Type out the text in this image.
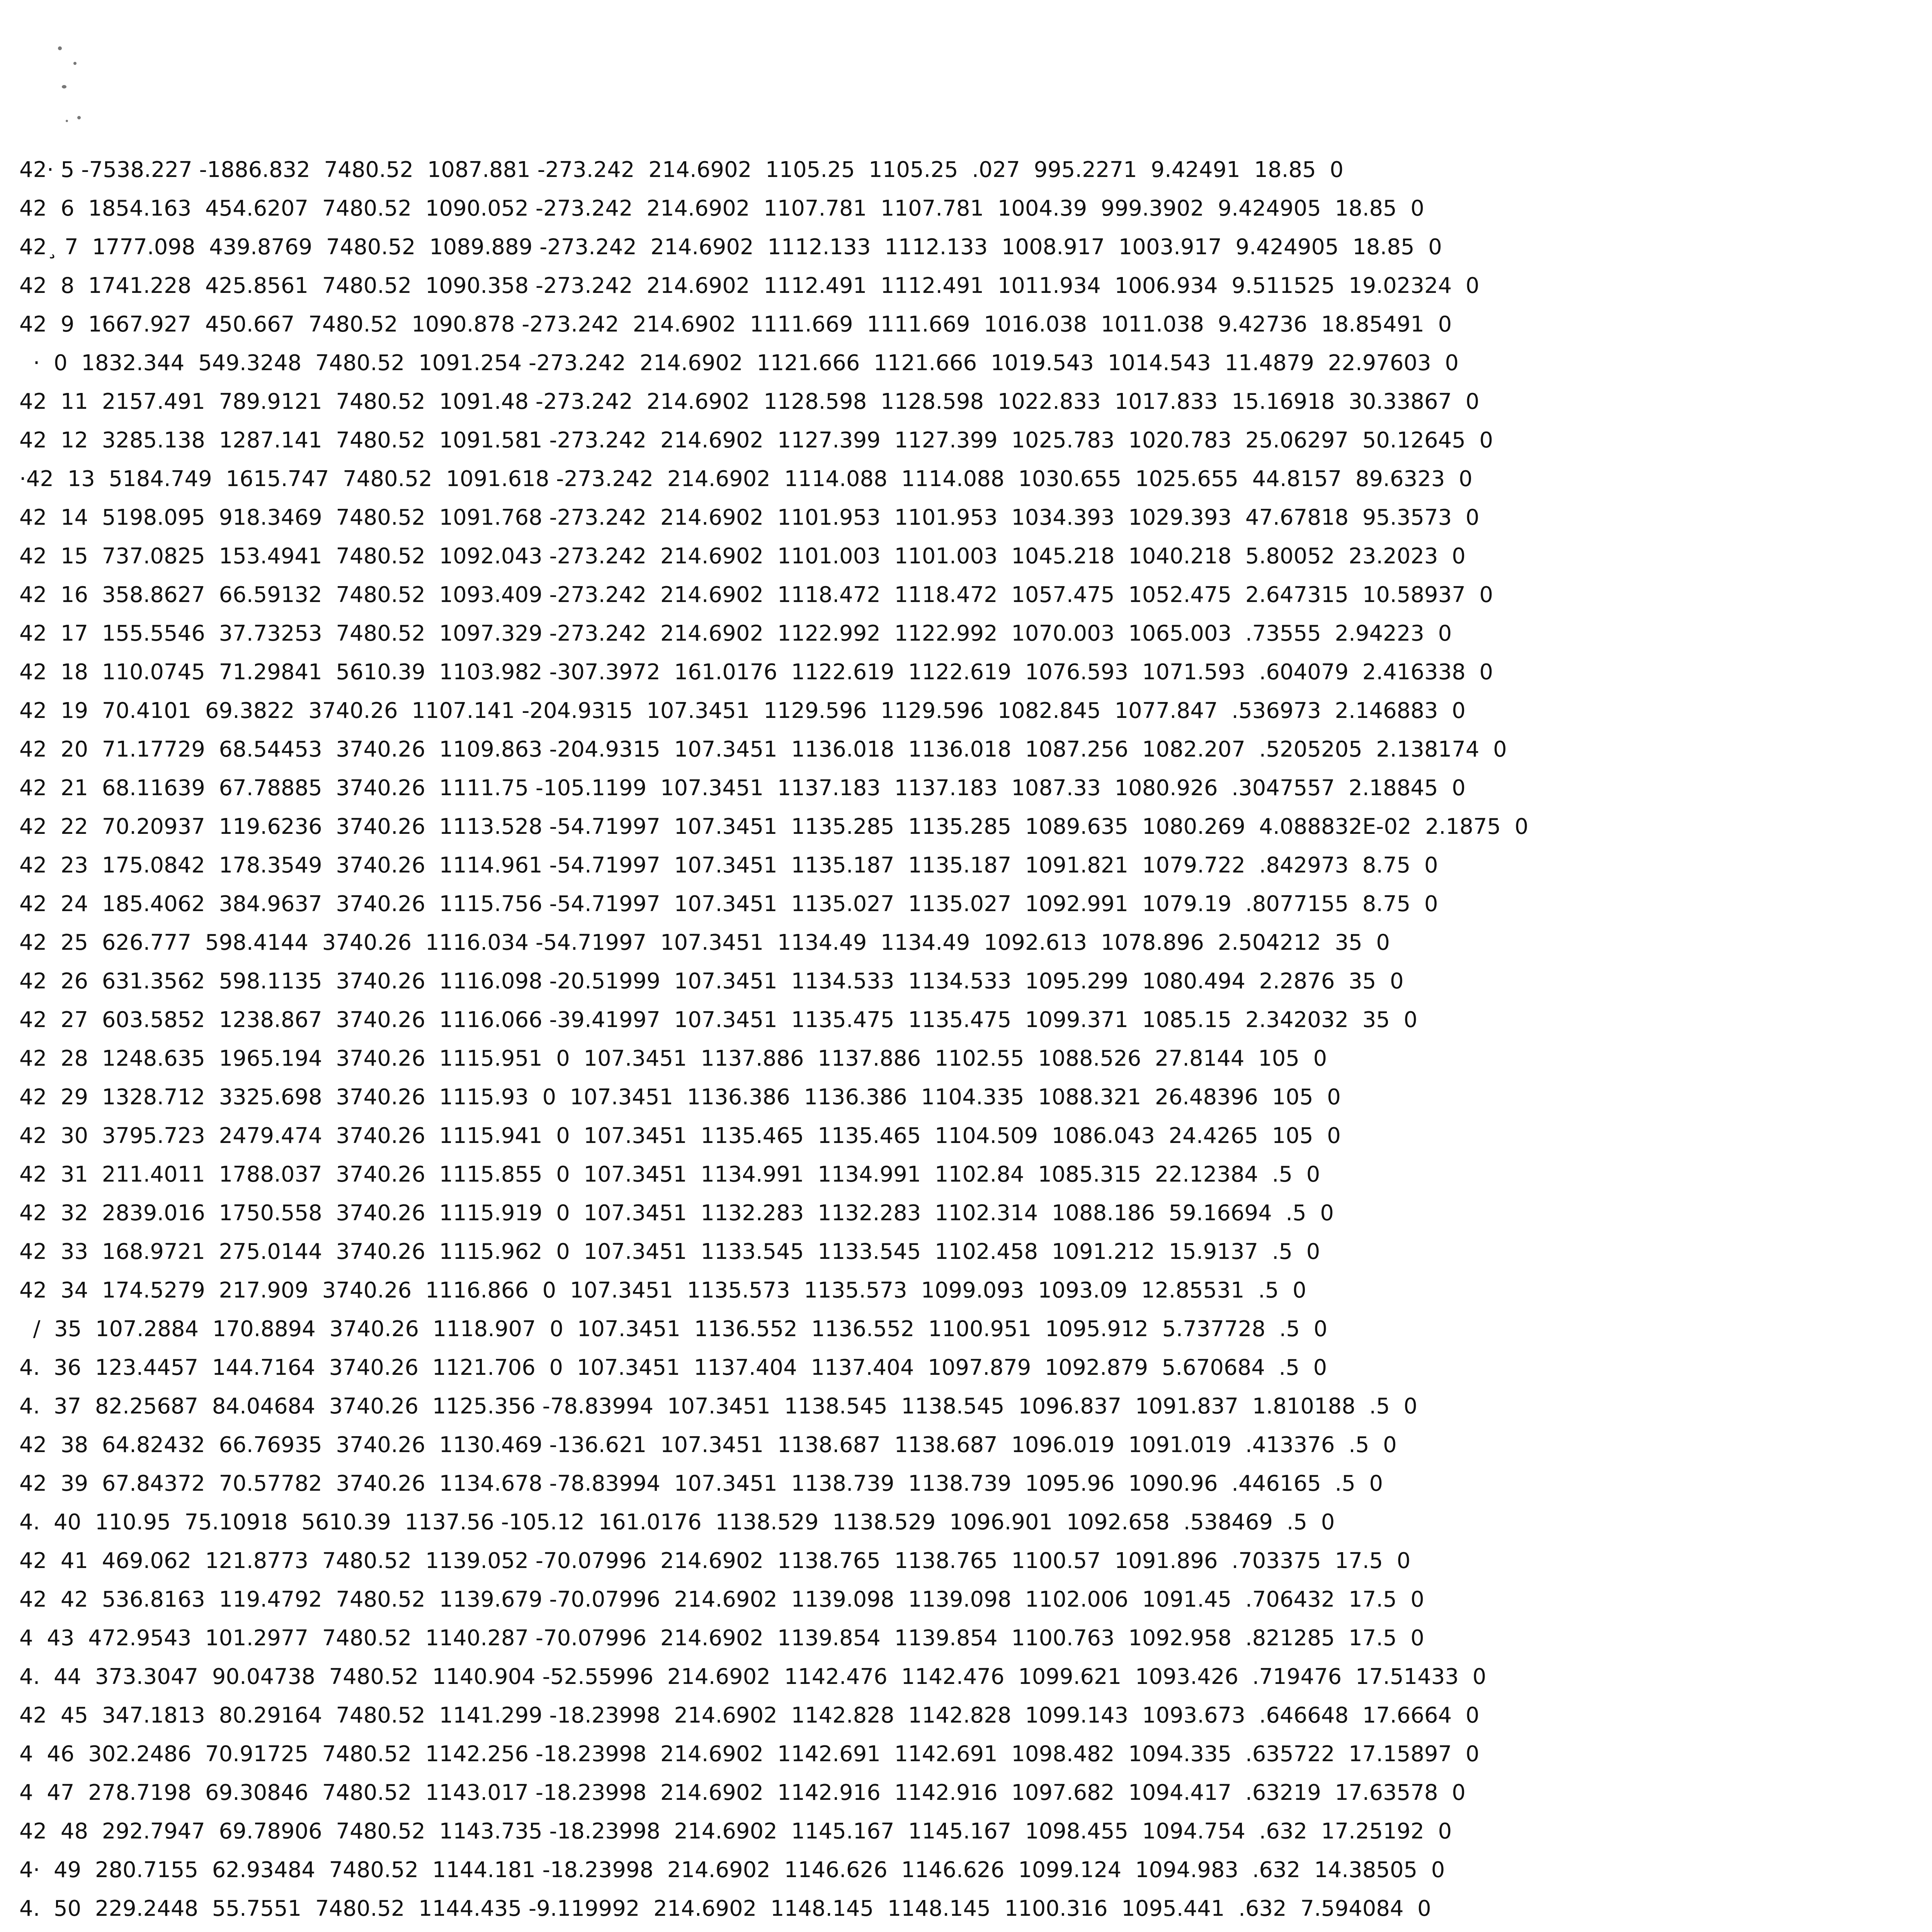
42· 5 -7538.227 -1886.832  7480.52  1087.881 -273.242  214.6902  1105.25  1105.25  .027  995.2271  9.42491  18.85  0
42  6  1854.163  454.6207  7480.52  1090.052 -273.242  214.6902  1107.781  1107.781  1004.39  999.3902  9.424905  18.85  0
42¸ 7  1777.098  439.8769  7480.52  1089.889 -273.242  214.6902  1112.133  1112.133  1008.917  1003.917  9.424905  18.85  0
42  8  1741.228  425.8561  7480.52  1090.358 -273.242  214.6902  1112.491  1112.491  1011.934  1006.934  9.511525  19.02324  0
42  9  1667.927  450.667  7480.52  1090.878 -273.242  214.6902  1111.669  1111.669  1016.038  1011.038  9.42736  18.85491  0
·  0  1832.344  549.3248  7480.52  1091.254 -273.242  214.6902  1121.666  1121.666  1019.543  1014.543  11.4879  22.97603  0
42  11  2157.491  789.9121  7480.52  1091.48 -273.242  214.6902  1128.598  1128.598  1022.833  1017.833  15.16918  30.33867  0
42  12  3285.138  1287.141  7480.52  1091.581 -273.242  214.6902  1127.399  1127.399  1025.783  1020.783  25.06297  50.12645  0
·42  13  5184.749  1615.747  7480.52  1091.618 -273.242  214.6902  1114.088  1114.088  1030.655  1025.655  44.8157  89.6323  0
42  14  5198.095  918.3469  7480.52  1091.768 -273.242  214.6902  1101.953  1101.953  1034.393  1029.393  47.67818  95.3573  0
42  15  737.0825  153.4941  7480.52  1092.043 -273.242  214.6902  1101.003  1101.003  1045.218  1040.218  5.80052  23.2023  0
42  16  358.8627  66.59132  7480.52  1093.409 -273.242  214.6902  1118.472  1118.472  1057.475  1052.475  2.647315  10.58937  0
42  17  155.5546  37.73253  7480.52  1097.329 -273.242  214.6902  1122.992  1122.992  1070.003  1065.003  .73555  2.94223  0
42  18  110.0745  71.29841  5610.39  1103.982 -307.3972  161.0176  1122.619  1122.619  1076.593  1071.593  .604079  2.416338  0
42  19  70.4101  69.3822  3740.26  1107.141 -204.9315  107.3451  1129.596  1129.596  1082.845  1077.847  .536973  2.146883  0
42  20  71.17729  68.54453  3740.26  1109.863 -204.9315  107.3451  1136.018  1136.018  1087.256  1082.207  .5205205  2.138174  0
42  21  68.11639  67.78885  3740.26  1111.75 -105.1199  107.3451  1137.183  1137.183  1087.33  1080.926  .3047557  2.18845  0
42  22  70.20937  119.6236  3740.26  1113.528 -54.71997  107.3451  1135.285  1135.285  1089.635  1080.269  4.088832E-02  2.1875  0
42  23  175.0842  178.3549  3740.26  1114.961 -54.71997  107.3451  1135.187  1135.187  1091.821  1079.722  .842973  8.75  0
42  24  185.4062  384.9637  3740.26  1115.756 -54.71997  107.3451  1135.027  1135.027  1092.991  1079.19  .8077155  8.75  0
42  25  626.777  598.4144  3740.26  1116.034 -54.71997  107.3451  1134.49  1134.49  1092.613  1078.896  2.504212  35  0
42  26  631.3562  598.1135  3740.26  1116.098 -20.51999  107.3451  1134.533  1134.533  1095.299  1080.494  2.2876  35  0
42  27  603.5852  1238.867  3740.26  1116.066 -39.41997  107.3451  1135.475  1135.475  1099.371  1085.15  2.342032  35  0
42  28  1248.635  1965.194  3740.26  1115.951  0  107.3451  1137.886  1137.886  1102.55  1088.526  27.8144  105  0
42  29  1328.712  3325.698  3740.26  1115.93  0  107.3451  1136.386  1136.386  1104.335  1088.321  26.48396  105  0
42  30  3795.723  2479.474  3740.26  1115.941  0  107.3451  1135.465  1135.465  1104.509  1086.043  24.4265  105  0
42  31  211.4011  1788.037  3740.26  1115.855  0  107.3451  1134.991  1134.991  1102.84  1085.315  22.12384  .5  0
42  32  2839.016  1750.558  3740.26  1115.919  0  107.3451  1132.283  1132.283  1102.314  1088.186  59.16694  .5  0
42  33  168.9721  275.0144  3740.26  1115.962  0  107.3451  1133.545  1133.545  1102.458  1091.212  15.9137  .5  0
42  34  174.5279  217.909  3740.26  1116.866  0  107.3451  1135.573  1135.573  1099.093  1093.09  12.85531  .5  0
/  35  107.2884  170.8894  3740.26  1118.907  0  107.3451  1136.552  1136.552  1100.951  1095.912  5.737728  .5  0
4.  36  123.4457  144.7164  3740.26  1121.706  0  107.3451  1137.404  1137.404  1097.879  1092.879  5.670684  .5  0
4.  37  82.25687  84.04684  3740.26  1125.356 -78.83994  107.3451  1138.545  1138.545  1096.837  1091.837  1.810188  .5  0
42  38  64.82432  66.76935  3740.26  1130.469 -136.621  107.3451  1138.687  1138.687  1096.019  1091.019  .413376  .5  0
42  39  67.84372  70.57782  3740.26  1134.678 -78.83994  107.3451  1138.739  1138.739  1095.96  1090.96  .446165  .5  0
4.  40  110.95  75.10918  5610.39  1137.56 -105.12  161.0176  1138.529  1138.529  1096.901  1092.658  .538469  .5  0
42  41  469.062  121.8773  7480.52  1139.052 -70.07996  214.6902  1138.765  1138.765  1100.57  1091.896  .703375  17.5  0
42  42  536.8163  119.4792  7480.52  1139.679 -70.07996  214.6902  1139.098  1139.098  1102.006  1091.45  .706432  17.5  0
4  43  472.9543  101.2977  7480.52  1140.287 -70.07996  214.6902  1139.854  1139.854  1100.763  1092.958  .821285  17.5  0
4.  44  373.3047  90.04738  7480.52  1140.904 -52.55996  214.6902  1142.476  1142.476  1099.621  1093.426  .719476  17.51433  0
42  45  347.1813  80.29164  7480.52  1141.299 -18.23998  214.6902  1142.828  1142.828  1099.143  1093.673  .646648  17.6664  0
4  46  302.2486  70.91725  7480.52  1142.256 -18.23998  214.6902  1142.691  1142.691  1098.482  1094.335  .635722  17.15897  0
4  47  278.7198  69.30846  7480.52  1143.017 -18.23998  214.6902  1142.916  1142.916  1097.682  1094.417  .63219  17.63578  0
42  48  292.7947  69.78906  7480.52  1143.735 -18.23998  214.6902  1145.167  1145.167  1098.455  1094.754  .632  17.25192  0
4·  49  280.7155  62.93484  7480.52  1144.181 -18.23998  214.6902  1146.626  1146.626  1099.124  1094.983  .632  14.38505  0
4.  50  229.2448  55.7551  7480.52  1144.435 -9.119992  214.6902  1148.145  1148.145  1100.316  1095.441  .632  7.594084  0
